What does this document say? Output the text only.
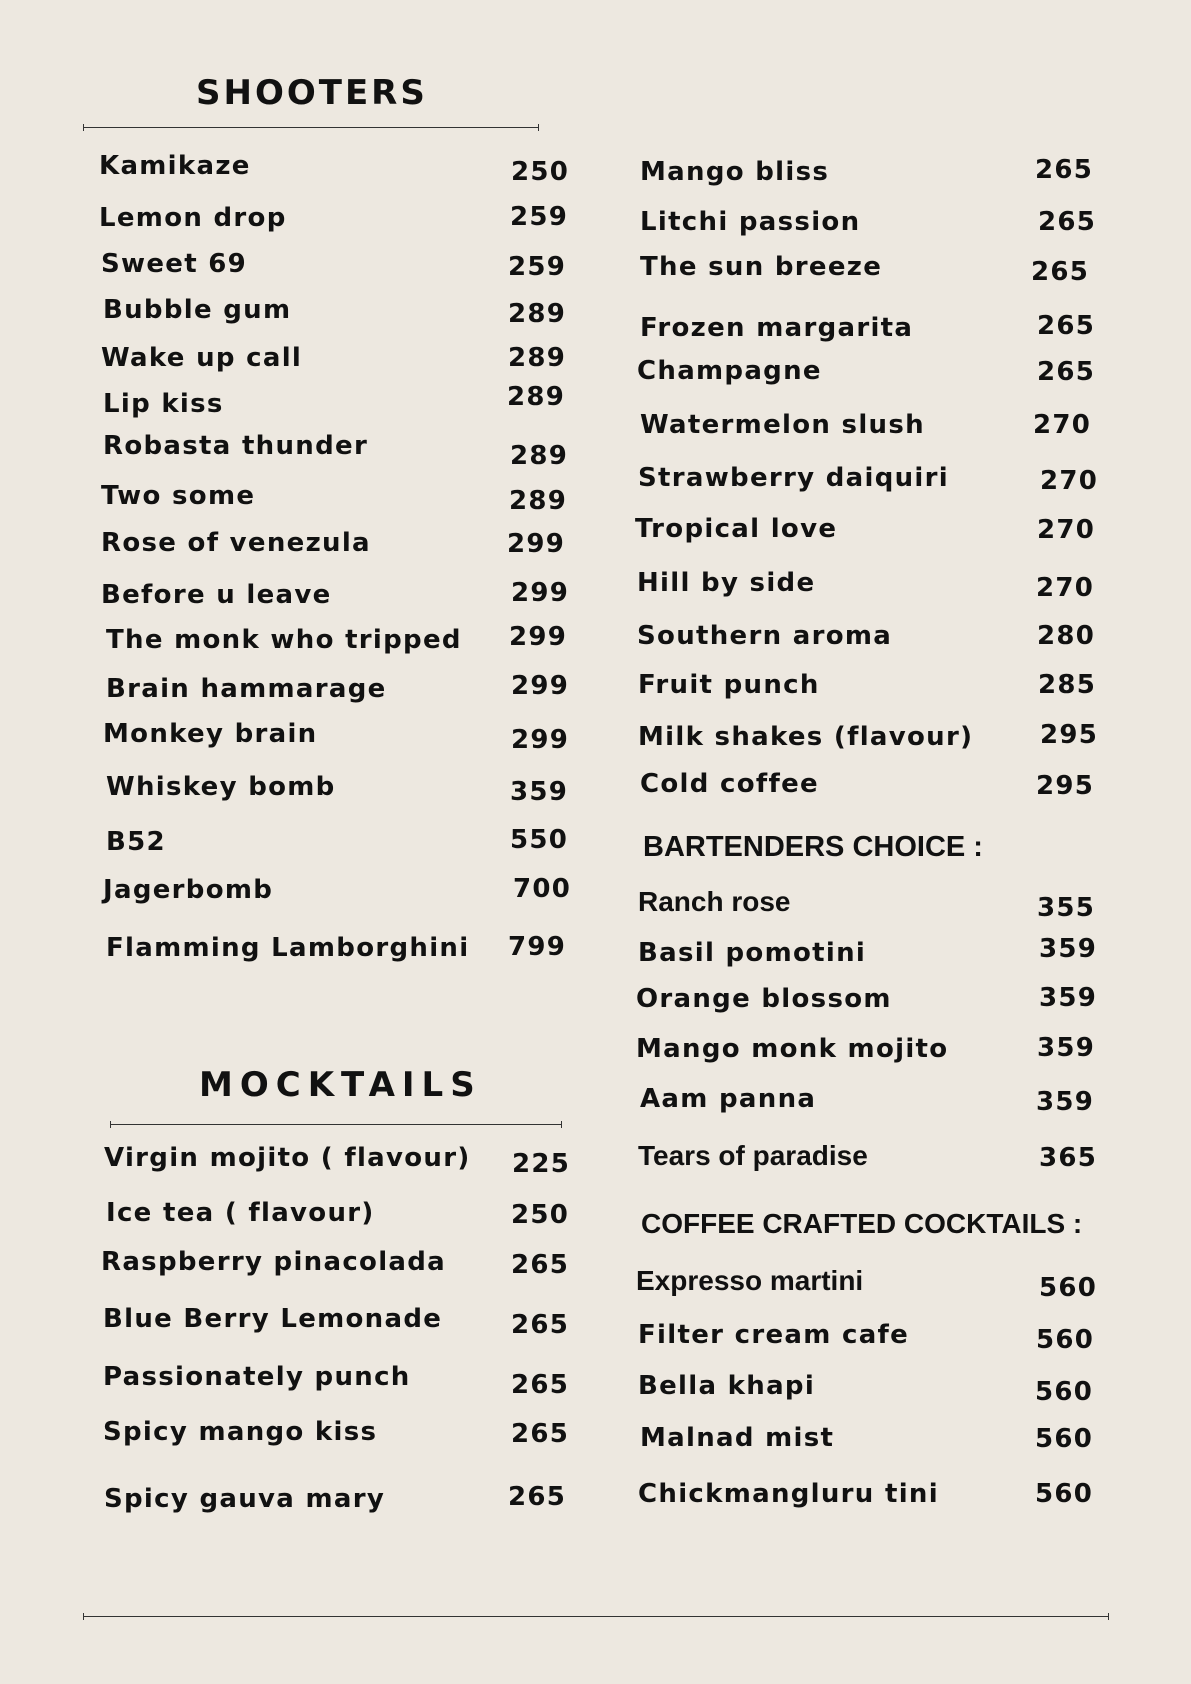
SHOOTERS
MOCKTAILS
BARTENDERS CHOICE :
COFFEE CRAFTED COCKTAILS :
Kamikaze	250
Lemon drop	259
Sweet 69	259
Bubble gum	289
Wake up call	289
Lip kiss	289
Robasta thunder	289
Two some	289
Rose of venezula	299
Before u leave	299
The monk who tripped 299
Brain hammarage	299
Monkey brain	299
Whiskey bomb	359
B52	550
Jagerbomb	700
Flamming Lamborghini 799
Virgin mojito ( flavour) 225
Ice tea ( flavour)	250
Raspberry pinacolada 265
Blue Berry Lemonade	265
Passionately punch	265
Spicy mango kiss	265
Spicy gauva mary	265
Mango bliss	265
Litchi passion	265
The sun breeze	265
Frozen margarita	265
Champagne	265
Watermelon slush	270
Strawberry daiquiri	270
Tropical love	270
Hill by side	270
Southern aroma	280
Fruit punch	285
Milk shakes (flavour)	295
Cold coffee	295
Ranch rose	355
Basil pomotini	359
Orange blossom	359
Mango monk mojito	359
Aam panna	359
Tears of paradise	365
Expresso martini	560
Filter cream cafe	560
Bella khapi	560
Malnad mist	560
Chickmangluru tini	560
